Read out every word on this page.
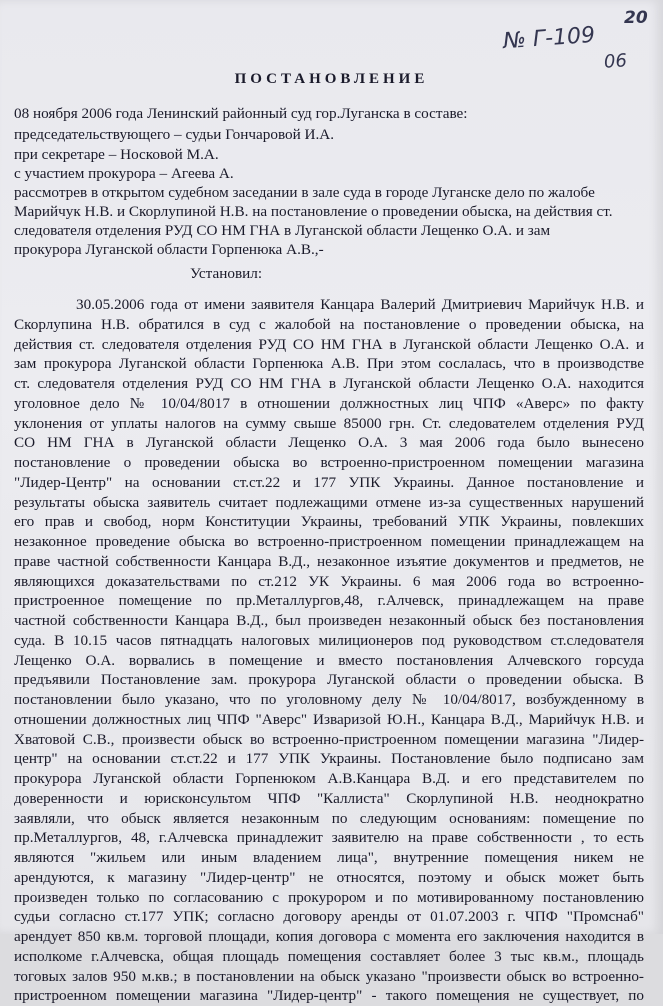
20
№ Г-109
06
ПОСТАНОВЛЕНИЕ
08 ноября 2006 года Ленинский районный суд гор.Луганска в составе:
председательствующего – судьи Гончаровой И.А.
при секретаре – Носковой М.А.
с участием прокурора – Агеева А.
рассмотрев в открытом судебном заседании в зале суда в городе Луганске дело по жалобе
Марийчук Н.В. и Скорлупиной Н.В. на постановление о проведении обыска, на действия ст.
следователя отделения РУД СО НМ ГНА в Луганской области Лещенко О.А. и зам
прокурора Луганской области Горпенюка А.В.,-
Установил:
30.05.2006 года от имени заявителя Канцара Валерий Дмитриевич Марийчук Н.В. и
Скорлупина Н.В. обратился в суд с жалобой на постановление о проведении обыска, на
действия ст. следователя отделения РУД СО НМ ГНА в Луганской области Лещенко О.А. и
зам прокурора Луганской области Горпенюка А.В. При этом сослалась, что в производстве
ст. следователя отделения РУД СО НМ ГНА в Луганской области Лещенко О.А. находится
уголовное дело № 10/04/8017 в отношении должностных лиц ЧПФ «Аверс» по факту
уклонения от уплаты налогов на сумму свыше 85000 грн. Ст. следователем отделения РУД
СО НМ ГНА в Луганской области Лещенко О.А. 3 мая 2006 года было вынесено
постановление о проведении обыска во встроенно-пристроенном помещении магазина
"Лидер-Центр" на основании ст.ст.22 и 177 УПК Украины. Данное постановление и
результаты обыска заявитель считает подлежащими отмене из-за существенных нарушений
его прав и свобод, норм Конституции Украины, требований УПК Украины, повлекших
незаконное проведение обыска во встроенно-пристроенном помещении принадлежащем на
праве частной собственности Канцара В.Д., незаконное изъятие документов и предметов, не
являющихся доказательствами по ст.212 УК Украины. 6 мая 2006 года во встроенно-
пристроенное помещение по пр.Металлургов,48, г.Алчевск, принадлежащем на праве
частной собственности Канцара В.Д., был произведен незаконный обыск без постановления
суда. В 10.15 часов пятнадцать налоговых милиционеров под руководством ст.следователя
Лещенко О.А. ворвались в помещение и вместо постановления Алчевского горсуда
предъявили Постановление зам. прокурора Луганской области о проведении обыска. В
постановлении было указано, что по уголовному делу № 10/04/8017, возбужденному в
отношении должностных лиц ЧПФ "Аверс" Изваризой Ю.Н., Канцара В.Д., Марийчук Н.В. и
Хватовой С.В., произвести обыск во встроенно-пристроенном помещении магазина "Лидер-
центр" на основании ст.ст.22 и 177 УПК Украины. Постановление было подписано зам
прокурора Луганской области Горпенюком А.В.Канцара В.Д. и его представителем по
доверенности и юрисконсультом ЧПФ "Каллиста" Скорлупиной Н.В. неоднократно
заявляли, что обыск является незаконным по следующим основаниям: помещение по
пр.Металлургов, 48, г.Алчевска принадлежит заявителю на праве собственности , то есть
являются "жильем или иным владением лица", внутренние помещения никем не
арендуются, к магазину "Лидер-центр" не относятся, поэтому и обыск может быть
произведен только по согласованию с прокурором и по мотивированному постановлению
судьи согласно ст.177 УПК; согласно договору аренды от 01.07.2003 г. ЧПФ "Промснаб"
арендует 850 кв.м. торговой площади, копия договора с момента его заключения находится в
исполкоме г.Алчевска, общая площадь помещения составляет более 3 тыс кв.м., площадь
тоговых залов 950 м.кв.; в постановлении на обыск указано "произвести обыск во встроенно-
пристроенном помещении магазина "Лидер-центр" - такого помещения не существует, по
